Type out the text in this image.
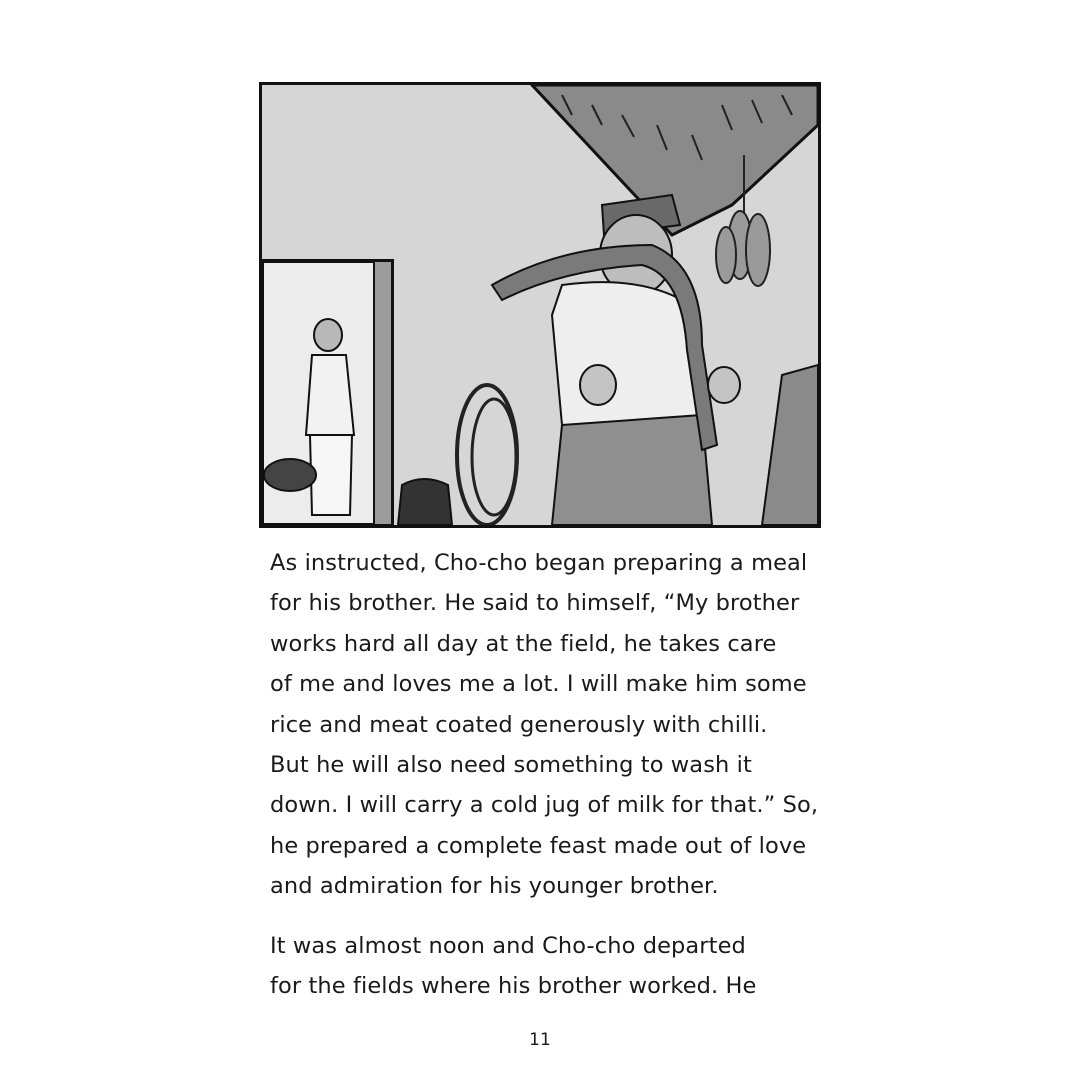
As instructed, Cho-cho began preparing a meal
for his brother. He said to himself, “My brother
works hard all day at the field, he takes care
of me and loves me a lot. I will make him some
rice and meat coated generously with chilli.
But he will also need something to wash it
down. I will carry a cold jug of milk for that.” So,
he prepared a complete feast made out of love
and admiration for his younger brother.

It was almost noon and Cho-cho departed
for the fields where his brother worked. He

11
